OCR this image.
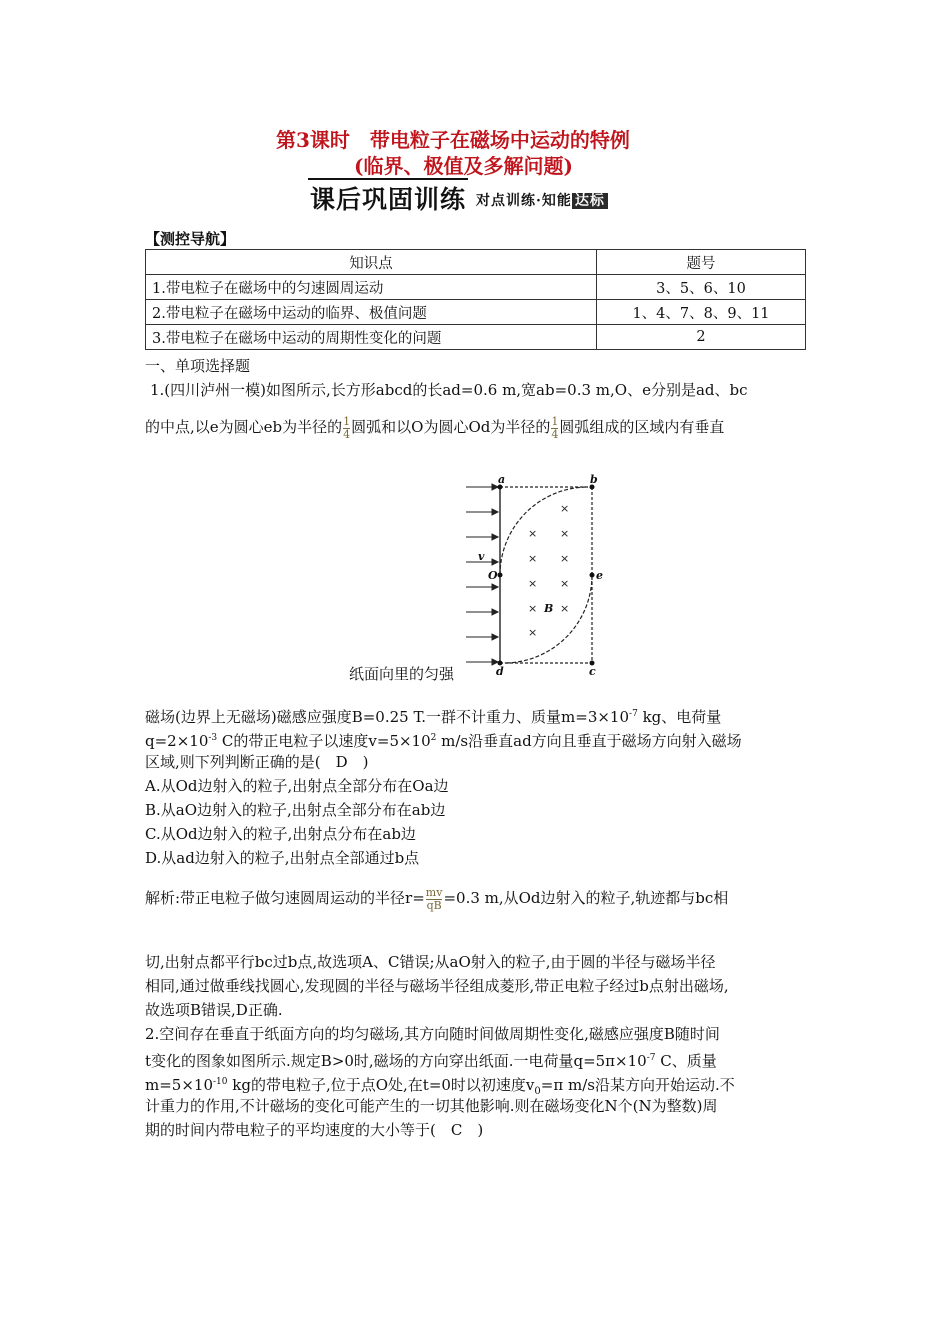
第3课时　带电粒子在磁场中运动的特例
(临界、极值及多解问题)
课后巩固训练 对点训练·知能 达标
【测控导航】
知识点	题号
1.带电粒子在磁场中的匀速圆周运动	3、5、6、10
2.带电粒子在磁场中运动的临界、极值问题	1、4、7、8、9、11
3.带电粒子在磁场中运动的周期性变化的问题	2
一、单项选择题
1.(四川泸州一模)如图所示,长方形abcd的长ad=0.6 m,宽ab=0.3 m,O、e分别是ad、bc
的中点,以e为圆心eb为半径的 $\frac{1}{4}$ 圆弧和以O为圆心Od为半径的 $\frac{1}{4}$ 圆弧组成的区域内有垂直
×
× ×
× ×
× ×
× ×
×
a	b
c
d
e
O
v
B
纸面向里的匀强
磁场(边界上无磁场)磁感应强度B=0.25 T.一群不计重力、质量$m=3\times 10^{-7}$ kg、电荷量
$q=2\times 10^{-3}$ C的带正电粒子以速度$v=5\times 10^2$ m/s沿垂直ad方向且垂直于磁场方向射入磁场
区域,则下列判断正确的是(　D　)
A.从Od边射入的粒子,出射点全部分布在Oa边
B.从aO边射入的粒子,出射点全部分布在ab边
C.从Od边射入的粒子,出射点分布在ab边
D.从ad边射入的粒子,出射点全部通过b点
解析:带正电粒子做匀速圆周运动的半径$r= \frac{mv}{qB} =0.3$ m,从Od边射入的粒子,轨迹都与bc相
切,出射点都平行bc过b点,故选项A、C错误;从aO射入的粒子,由于圆的半径与磁场半径
相同,通过做垂线找圆心,发现圆的半径与磁场半径组成菱形,带正电粒子经过b点射出磁场,
故选项B错误,D正确.
2.空间存在垂直于纸面方向的均匀磁场,其方向随时间做周期性变化,磁感应强度B随时间
t变化的图象如图所示.规定B>0时,磁场的方向穿出纸面.一电荷量$q=5\pi\times 10^{-7}$ C、质量
$m=5\times 10^{-10}$ kg的带电粒子,位于点O处,在t=0时以初速度$v_0=\pi$ m/s沿某方向开始运动.不
计重力的作用,不计磁场的变化可能产生的一切其他影响.则在磁场变化N个(N为整数)周
期的时间内带电粒子的平均速度的大小等于(　C　)
